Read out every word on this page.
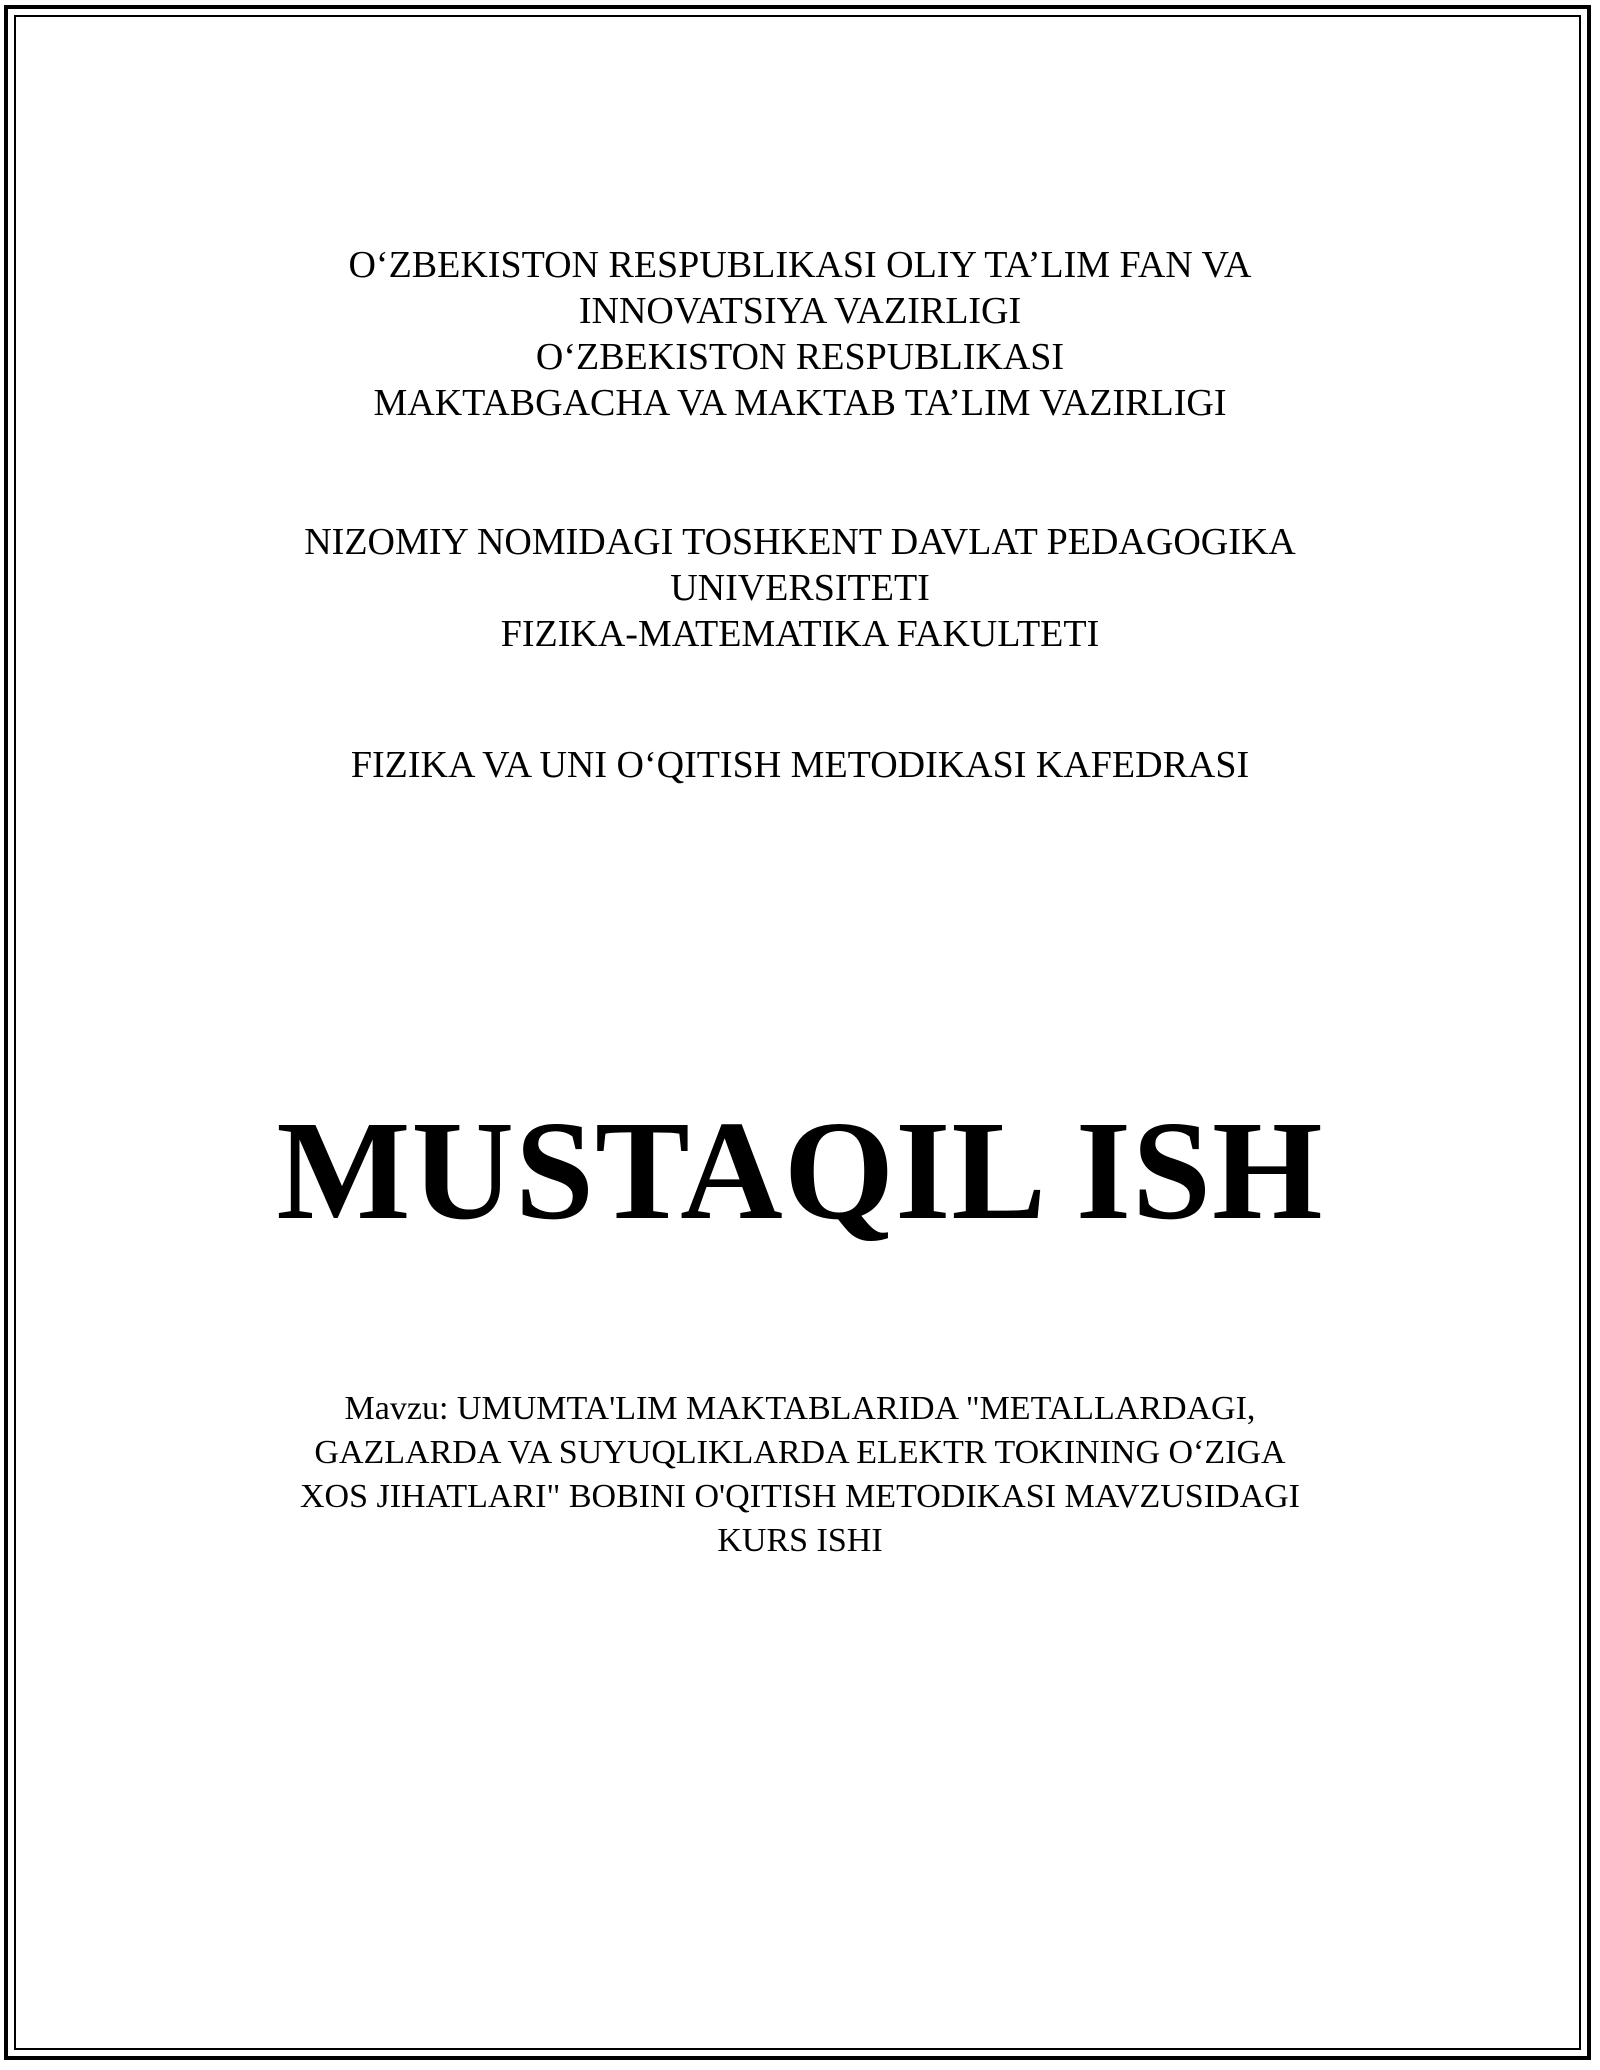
O‘ZBEKISTON RESPUBLIKASI OLIY TA’LIM FAN VA
INNOVATSIYA VAZIRLIGI
O‘ZBEKISTON RESPUBLIKASI
MAKTABGACHA VA MAKTAB TA’LIM VAZIRLIGI
NIZOMIY NOMIDAGI TOSHKENT DAVLAT PEDAGOGIKA
UNIVERSITETI
FIZIKA-MATEMATIKA FAKULTETI
FIZIKA VA UNI O‘QITISH METODIKASI KAFEDRASI
MUSTAQIL ISH
Mavzu: UMUMTA'LIM MAKTABLARIDA "METALLARDAGI,
GAZLARDA VA SUYUQLIKLARDA ELEKTR TOKINING O‘ZIGA
XOS JIHATLARI" BOBINI O'QITISH METODIKASI MAVZUSIDAGI
KURS ISHI
